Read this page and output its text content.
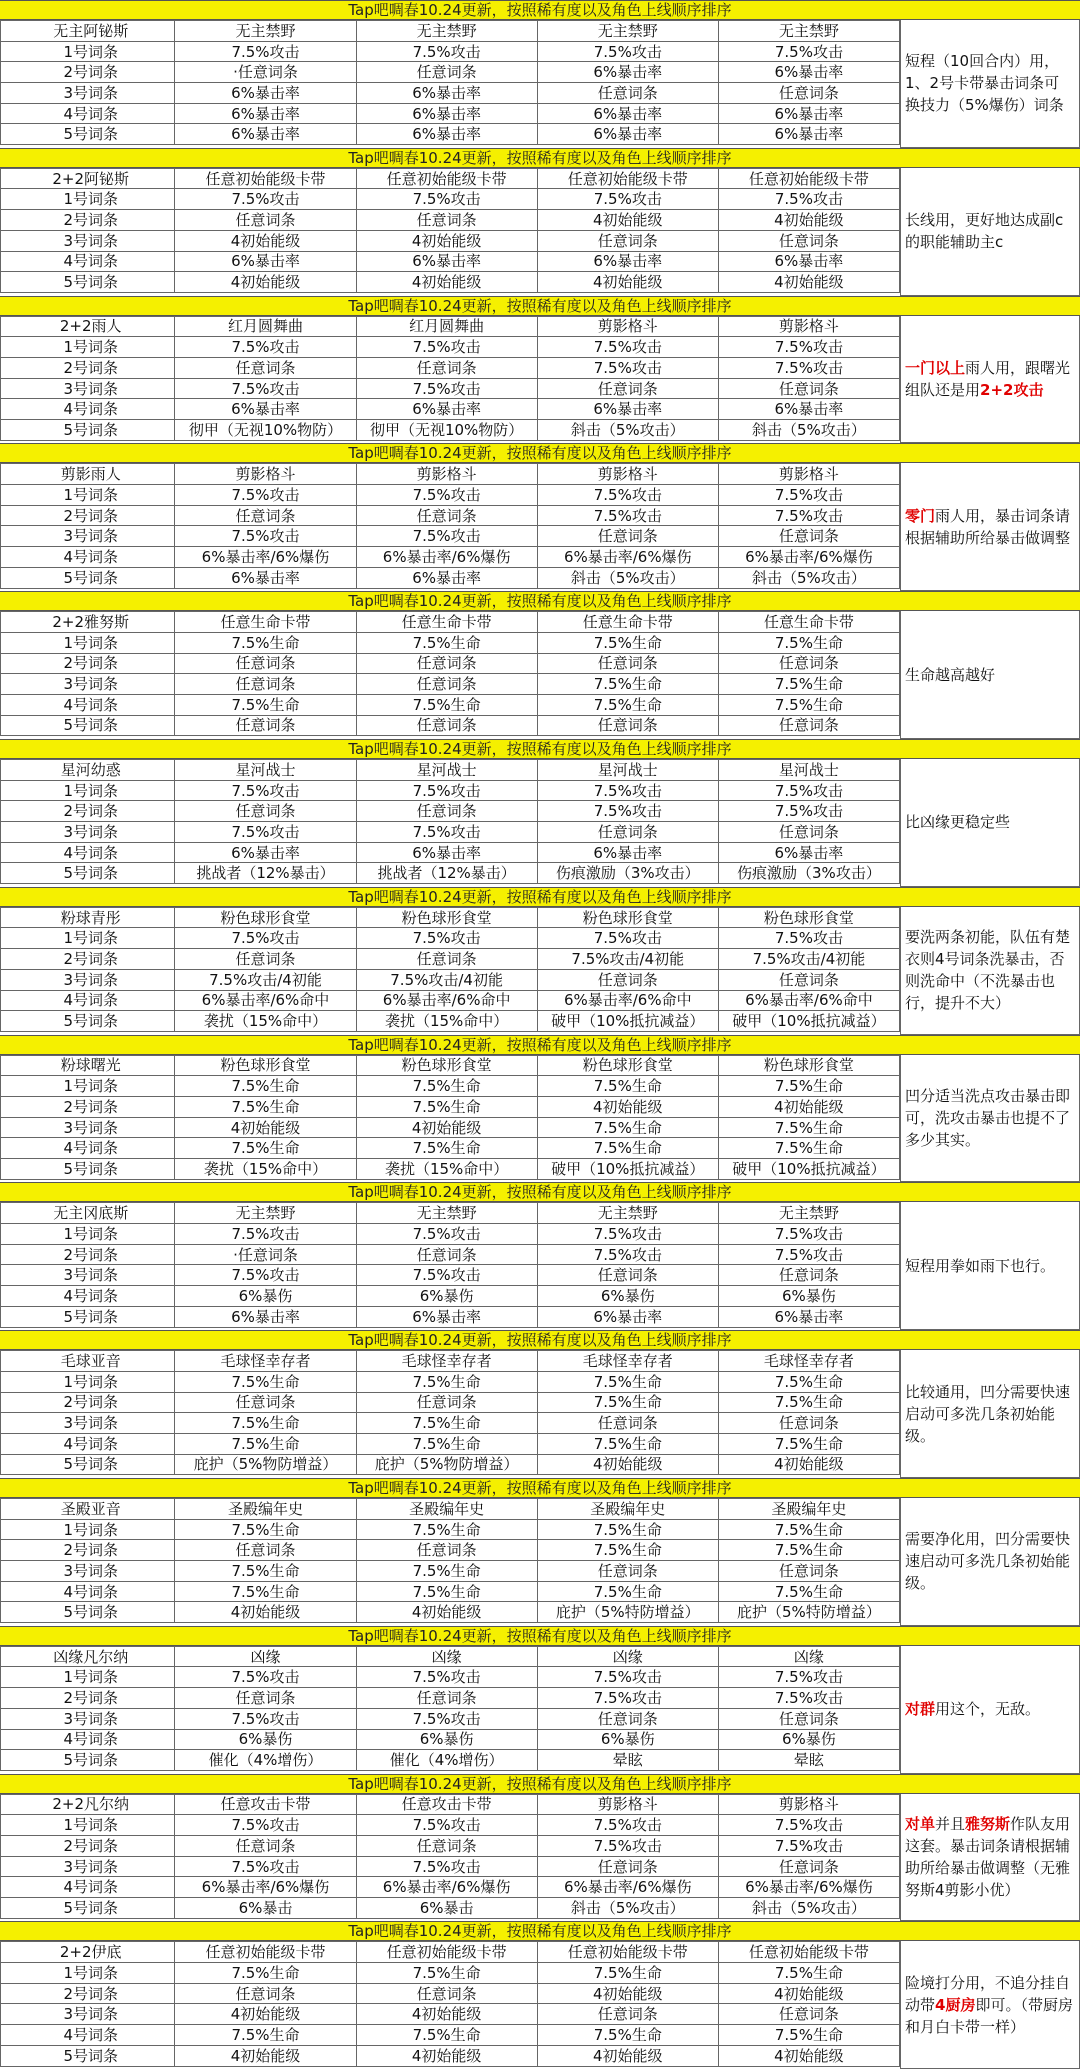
Tap吧啁春10.24更新，按照稀有度以及角色上线顺序排序
无主阿铋斯	无主禁野	无主禁野	无主禁野	无主禁野
1号词条	7.5%攻击	7.5%攻击	7.5%攻击	7.5%攻击
2号词条	·任意词条	任意词条	6%暴击率	6%暴击率
3号词条	6%暴击率	6%暴击率	任意词条	任意词条
4号词条	6%暴击率	6%暴击率	6%暴击率	6%暴击率
5号词条	6%暴击率	6%暴击率	6%暴击率	6%暴击率
短程（10回合内）用，1、2号卡带暴击词条可换技力（5%爆伤）词条
Tap吧啁春10.24更新，按照稀有度以及角色上线顺序排序
2+2阿铋斯	任意初始能级卡带	任意初始能级卡带	任意初始能级卡带	任意初始能级卡带
1号词条	7.5%攻击	7.5%攻击	7.5%攻击	7.5%攻击
2号词条	任意词条	任意词条	4初始能级	4初始能级
3号词条	4初始能级	4初始能级	任意词条	任意词条
4号词条	6%暴击率	6%暴击率	6%暴击率	6%暴击率
5号词条	4初始能级	4初始能级	4初始能级	4初始能级
长线用，更好地达成副c的职能辅助主c
Tap吧啁春10.24更新，按照稀有度以及角色上线顺序排序
2+2雨人	红月圆舞曲	红月圆舞曲	剪影格斗	剪影格斗
1号词条	7.5%攻击	7.5%攻击	7.5%攻击	7.5%攻击
2号词条	任意词条	任意词条	7.5%攻击	7.5%攻击
3号词条	7.5%攻击	7.5%攻击	任意词条	任意词条
4号词条	6%暴击率	6%暴击率	6%暴击率	6%暴击率
5号词条	彻甲（无视10%物防）	彻甲（无视10%物防）	斜击（5%攻击）	斜击（5%攻击）
一门以上雨人用，跟曙光组队还是用2+2攻击
Tap吧啁春10.24更新，按照稀有度以及角色上线顺序排序
剪影雨人	剪影格斗	剪影格斗	剪影格斗	剪影格斗
1号词条	7.5%攻击	7.5%攻击	7.5%攻击	7.5%攻击
2号词条	任意词条	任意词条	7.5%攻击	7.5%攻击
3号词条	7.5%攻击	7.5%攻击	任意词条	任意词条
4号词条	6%暴击率/6%爆伤	6%暴击率/6%爆伤	6%暴击率/6%爆伤	6%暴击率/6%爆伤
5号词条	6%暴击率	6%暴击率	斜击（5%攻击）	斜击（5%攻击）
零门雨人用，暴击词条请根据辅助所给暴击做调整
Tap吧啁春10.24更新，按照稀有度以及角色上线顺序排序
2+2雅努斯	任意生命卡带	任意生命卡带	任意生命卡带	任意生命卡带
1号词条	7.5%生命	7.5%生命	7.5%生命	7.5%生命
2号词条	任意词条	任意词条	任意词条	任意词条
3号词条	任意词条	任意词条	7.5%生命	7.5%生命
4号词条	7.5%生命	7.5%生命	7.5%生命	7.5%生命
5号词条	任意词条	任意词条	任意词条	任意词条
生命越高越好
Tap吧啁春10.24更新，按照稀有度以及角色上线顺序排序
星河幼惑	星河战士	星河战士	星河战士	星河战士
1号词条	7.5%攻击	7.5%攻击	7.5%攻击	7.5%攻击
2号词条	任意词条	任意词条	7.5%攻击	7.5%攻击
3号词条	7.5%攻击	7.5%攻击	任意词条	任意词条
4号词条	6%暴击率	6%暴击率	6%暴击率	6%暴击率
5号词条	挑战者（12%暴击）	挑战者（12%暴击）	伤痕激励（3%攻击）	伤痕激励（3%攻击）
比凶缘更稳定些
Tap吧啁春10.24更新，按照稀有度以及角色上线顺序排序
粉球青彤	粉色球形食堂	粉色球形食堂	粉色球形食堂	粉色球形食堂
1号词条	7.5%攻击	7.5%攻击	7.5%攻击	7.5%攻击
2号词条	任意词条	任意词条	7.5%攻击/4初能	7.5%攻击/4初能
3号词条	7.5%攻击/4初能	7.5%攻击/4初能	任意词条	任意词条
4号词条	6%暴击率/6%命中	6%暴击率/6%命中	6%暴击率/6%命中	6%暴击率/6%命中
5号词条	袭扰（15%命中）	袭扰（15%命中）	破甲（10%抵抗减益）	破甲（10%抵抗减益）
要洗两条初能，队伍有楚衣则4号词条洗暴击，否则洗命中（不洗暴击也行，提升不大）
Tap吧啁春10.24更新，按照稀有度以及角色上线顺序排序
粉球曙光	粉色球形食堂	粉色球形食堂	粉色球形食堂	粉色球形食堂
1号词条	7.5%生命	7.5%生命	7.5%生命	7.5%生命
2号词条	7.5%生命	7.5%生命	4初始能级	4初始能级
3号词条	4初始能级	4初始能级	7.5%生命	7.5%生命
4号词条	7.5%生命	7.5%生命	7.5%生命	7.5%生命
5号词条	袭扰（15%命中）	袭扰（15%命中）	破甲（10%抵抗减益）	破甲（10%抵抗减益）
凹分适当洗点攻击暴击即可，洗攻击暴击也提不了多少其实。
Tap吧啁春10.24更新，按照稀有度以及角色上线顺序排序
无主冈底斯	无主禁野	无主禁野	无主禁野	无主禁野
1号词条	7.5%攻击	7.5%攻击	7.5%攻击	7.5%攻击
2号词条	·任意词条	任意词条	7.5%攻击	7.5%攻击
3号词条	7.5%攻击	7.5%攻击	任意词条	任意词条
4号词条	6%暴伤	6%暴伤	6%暴伤	6%暴伤
5号词条	6%暴击率	6%暴击率	6%暴击率	6%暴击率
短程用拳如雨下也行。
Tap吧啁春10.24更新，按照稀有度以及角色上线顺序排序
毛球亚音	毛球怪幸存者	毛球怪幸存者	毛球怪幸存者	毛球怪幸存者
1号词条	7.5%生命	7.5%生命	7.5%生命	7.5%生命
2号词条	任意词条	任意词条	7.5%生命	7.5%生命
3号词条	7.5%生命	7.5%生命	任意词条	任意词条
4号词条	7.5%生命	7.5%生命	7.5%生命	7.5%生命
5号词条	庇护（5%物防增益）	庇护（5%物防增益）	4初始能级	4初始能级
比较通用，凹分需要快速启动可多洗几条初始能级。
Tap吧啁春10.24更新，按照稀有度以及角色上线顺序排序
圣殿亚音	圣殿编年史	圣殿编年史	圣殿编年史	圣殿编年史
1号词条	7.5%生命	7.5%生命	7.5%生命	7.5%生命
2号词条	任意词条	任意词条	7.5%生命	7.5%生命
3号词条	7.5%生命	7.5%生命	任意词条	任意词条
4号词条	7.5%生命	7.5%生命	7.5%生命	7.5%生命
5号词条	4初始能级	4初始能级	庇护（5%特防增益）	庇护（5%特防增益）
需要净化用，凹分需要快速启动可多洗几条初始能级。
Tap吧啁春10.24更新，按照稀有度以及角色上线顺序排序
凶缘凡尔纳	凶缘	凶缘	凶缘	凶缘
1号词条	7.5%攻击	7.5%攻击	7.5%攻击	7.5%攻击
2号词条	任意词条	任意词条	7.5%攻击	7.5%攻击
3号词条	7.5%攻击	7.5%攻击	任意词条	任意词条
4号词条	6%暴伤	6%暴伤	6%暴伤	6%暴伤
5号词条	催化（4%增伤）	催化（4%增伤）	晕眩	晕眩
对群用这个，无敌。
Tap吧啁春10.24更新，按照稀有度以及角色上线顺序排序
2+2凡尔纳	任意攻击卡带	任意攻击卡带	剪影格斗	剪影格斗
1号词条	7.5%攻击	7.5%攻击	7.5%攻击	7.5%攻击
2号词条	任意词条	任意词条	7.5%攻击	7.5%攻击
3号词条	7.5%攻击	7.5%攻击	任意词条	任意词条
4号词条	6%暴击率/6%爆伤	6%暴击率/6%爆伤	6%暴击率/6%爆伤	6%暴击率/6%爆伤
5号词条	6%暴击	6%暴击	斜击（5%攻击）	斜击（5%攻击）
对单并且雅努斯作队友用这套。暴击词条请根据辅助所给暴击做调整（无雅努斯4剪影小优）
Tap吧啁春10.24更新，按照稀有度以及角色上线顺序排序
2+2伊底	任意初始能级卡带	任意初始能级卡带	任意初始能级卡带	任意初始能级卡带
1号词条	7.5%生命	7.5%生命	7.5%生命	7.5%生命
2号词条	任意词条	任意词条	4初始能级	4初始能级
3号词条	4初始能级	4初始能级	任意词条	任意词条
4号词条	7.5%生命	7.5%生命	7.5%生命	7.5%生命
5号词条	4初始能级	4初始能级	4初始能级	4初始能级
险境打分用，不追分挂自动带4厨房即可。（带厨房和月白卡带一样）
